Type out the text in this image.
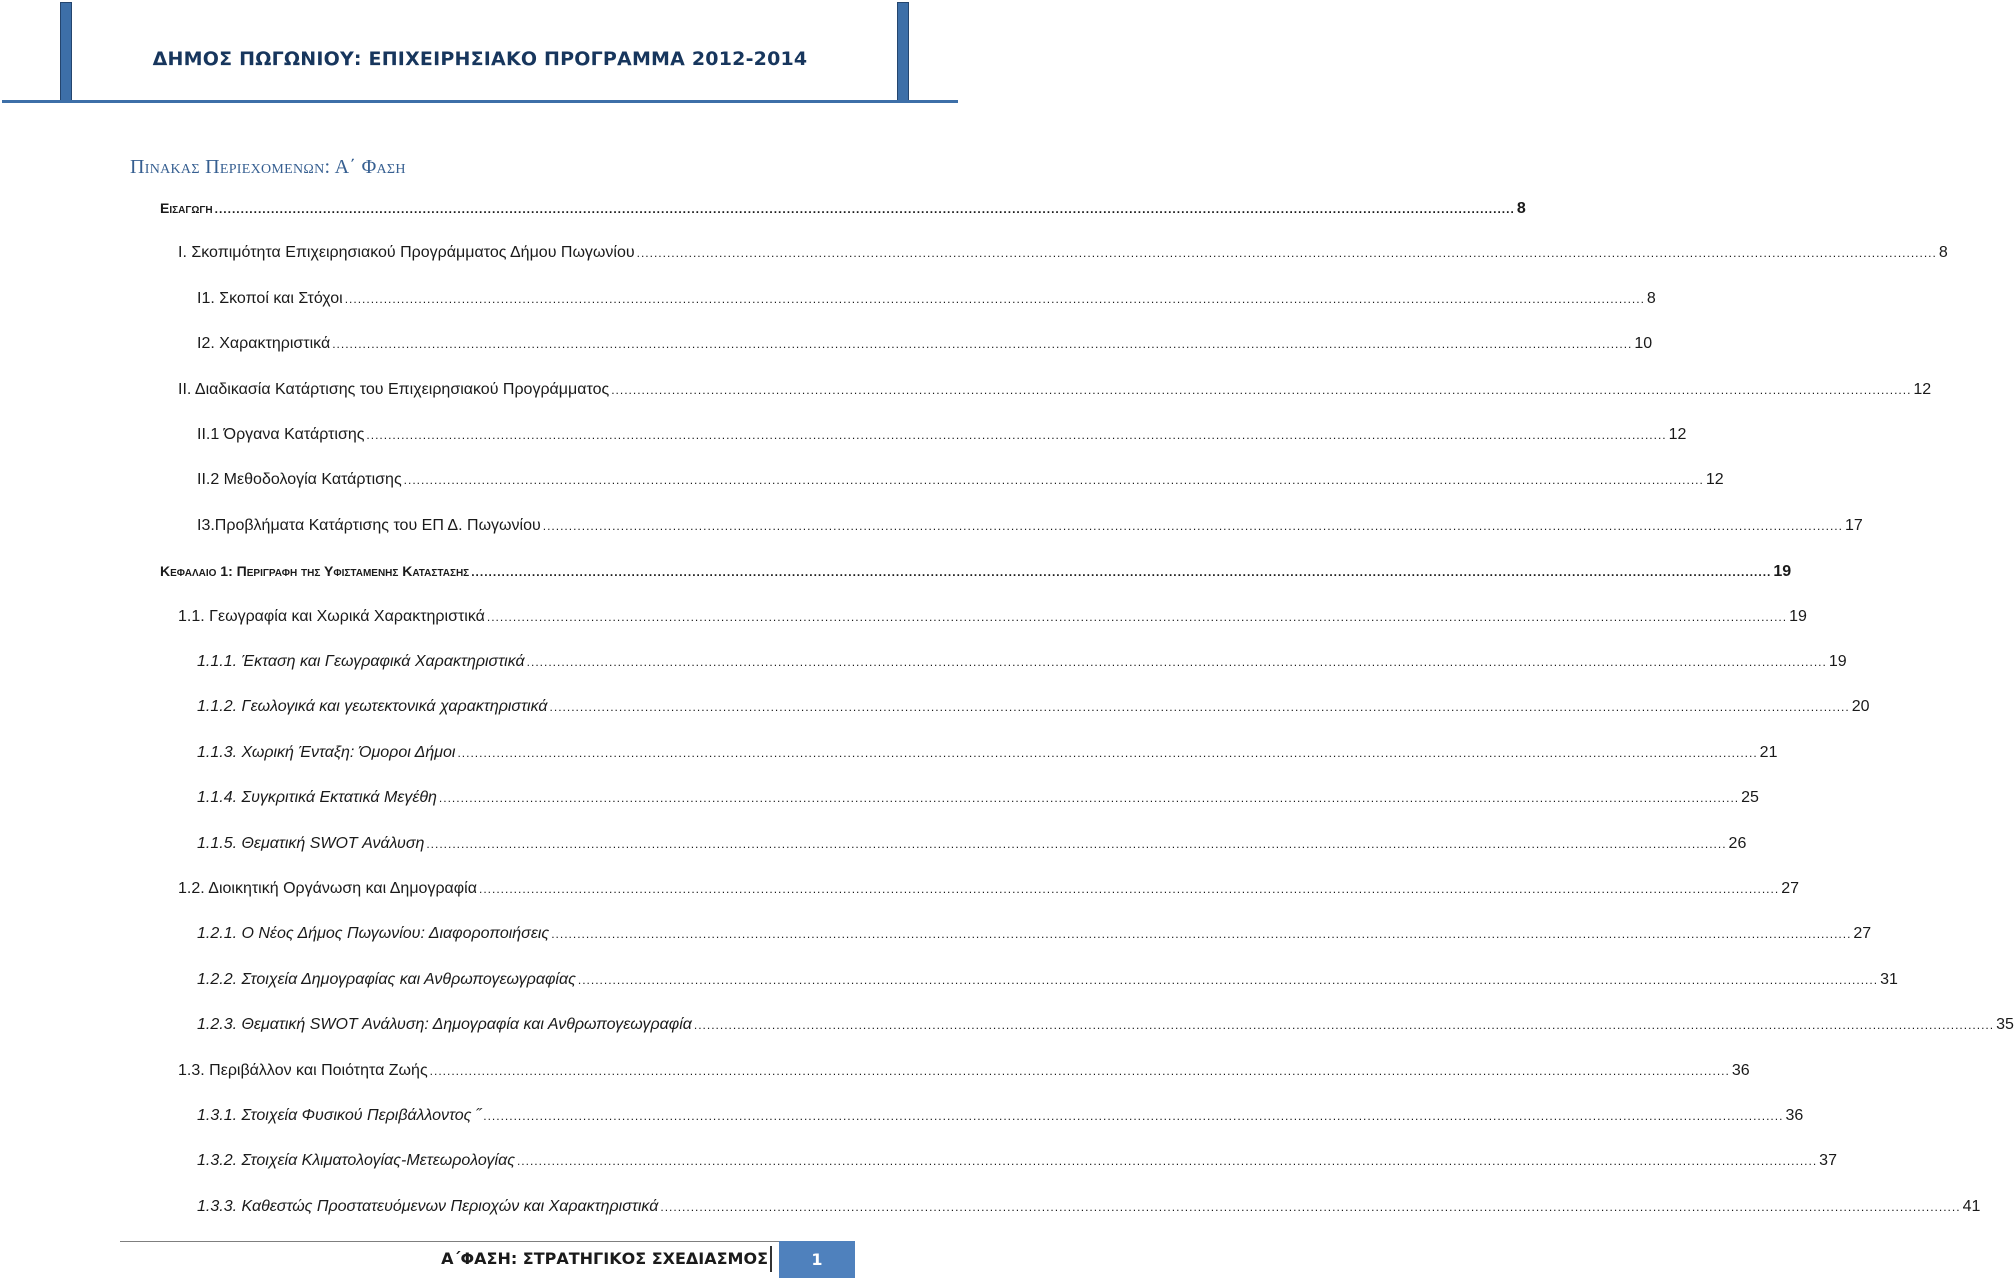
ΔΗΜΟΣ ΠΩΓΩΝΙΟΥ: ΕΠΙΧΕΙΡΗΣΙΑΚΟ ΠΡΟΓΡΑΜΜΑ 2012-2014
Πινακας Περιεχομενων: Α΄ Φαση
Εισαγωγη ............................................................................................................................................................................................................................................................................................................ 8
Ι. Σκοπιμότητα Επιχειρησιακού Προγράμματος Δήμου Πωγωνίου ............................................................................................................................................................................................................................................................................................................ 8
Ι1. Σκοποί και Στόχοι ............................................................................................................................................................................................................................................................................................................ 8
Ι2. Χαρακτηριστικά ............................................................................................................................................................................................................................................................................................................ 10
ΙΙ. Διαδικασία Κατάρτισης του Επιχειρησιακού Προγράμματος ............................................................................................................................................................................................................................................................................................................ 12
ΙΙ.1 Όργανα Κατάρτισης ............................................................................................................................................................................................................................................................................................................ 12
ΙΙ.2 Μεθοδολογία Κατάρτισης ............................................................................................................................................................................................................................................................................................................ 12
Ι3.Προβλήματα Κατάρτισης του ΕΠ Δ. Πωγωνίου ............................................................................................................................................................................................................................................................................................................ 17
Κεφαλαιο 1: Περιγραφη της Υφισταμενης Καταστασης ............................................................................................................................................................................................................................................................................................................ 19
1.1. Γεωγραφία και Χωρικά Χαρακτηριστικά ............................................................................................................................................................................................................................................................................................................ 19
1.1.1. Έκταση και Γεωγραφικά Χαρακτηριστικά ............................................................................................................................................................................................................................................................................................................ 19
1.1.2. Γεωλογικά και γεωτεκτονικά χαρακτηριστικά ............................................................................................................................................................................................................................................................................................................ 20
1.1.3. Χωρική Ένταξη: Όμοροι Δήμοι ............................................................................................................................................................................................................................................................................................................ 21
1.1.4. Συγκριτικά Εκτατικά Μεγέθη ............................................................................................................................................................................................................................................................................................................ 25
1.1.5. Θεματική SWOT Ανάλυση ............................................................................................................................................................................................................................................................................................................ 26
1.2. Διοικητική Οργάνωση και Δημογραφία ............................................................................................................................................................................................................................................................................................................ 27
1.2.1. Ο Νέος Δήμος Πωγωνίου: Διαφοροποιήσεις ............................................................................................................................................................................................................................................................................................................ 27
1.2.2. Στοιχεία Δημογραφίας και Ανθρωπογεωγραφίας ............................................................................................................................................................................................................................................................................................................ 31
1.2.3. Θεματική SWOT Ανάλυση: Δημογραφία και Ανθρωπογεωγραφία ............................................................................................................................................................................................................................................................................................................ 35
1.3. Περιβάλλον και Ποιότητα Ζωής ............................................................................................................................................................................................................................................................................................................ 36
1.3.1. Στοιχεία Φυσικού Περιβάλλοντος ˝ ............................................................................................................................................................................................................................................................................................................ 36
1.3.2. Στοιχεία Κλιματολογίας-Μετεωρολογίας ............................................................................................................................................................................................................................................................................................................ 37
1.3.3. Καθεστώς Προστατευόμενων Περιοχών και Χαρακτηριστικά ............................................................................................................................................................................................................................................................................................................ 41
Α΄ΦΑΣΗ: ΣΤΡΑΤΗΓΙΚΟΣ ΣΧΕΔΙΑΣΜΟΣ	1
